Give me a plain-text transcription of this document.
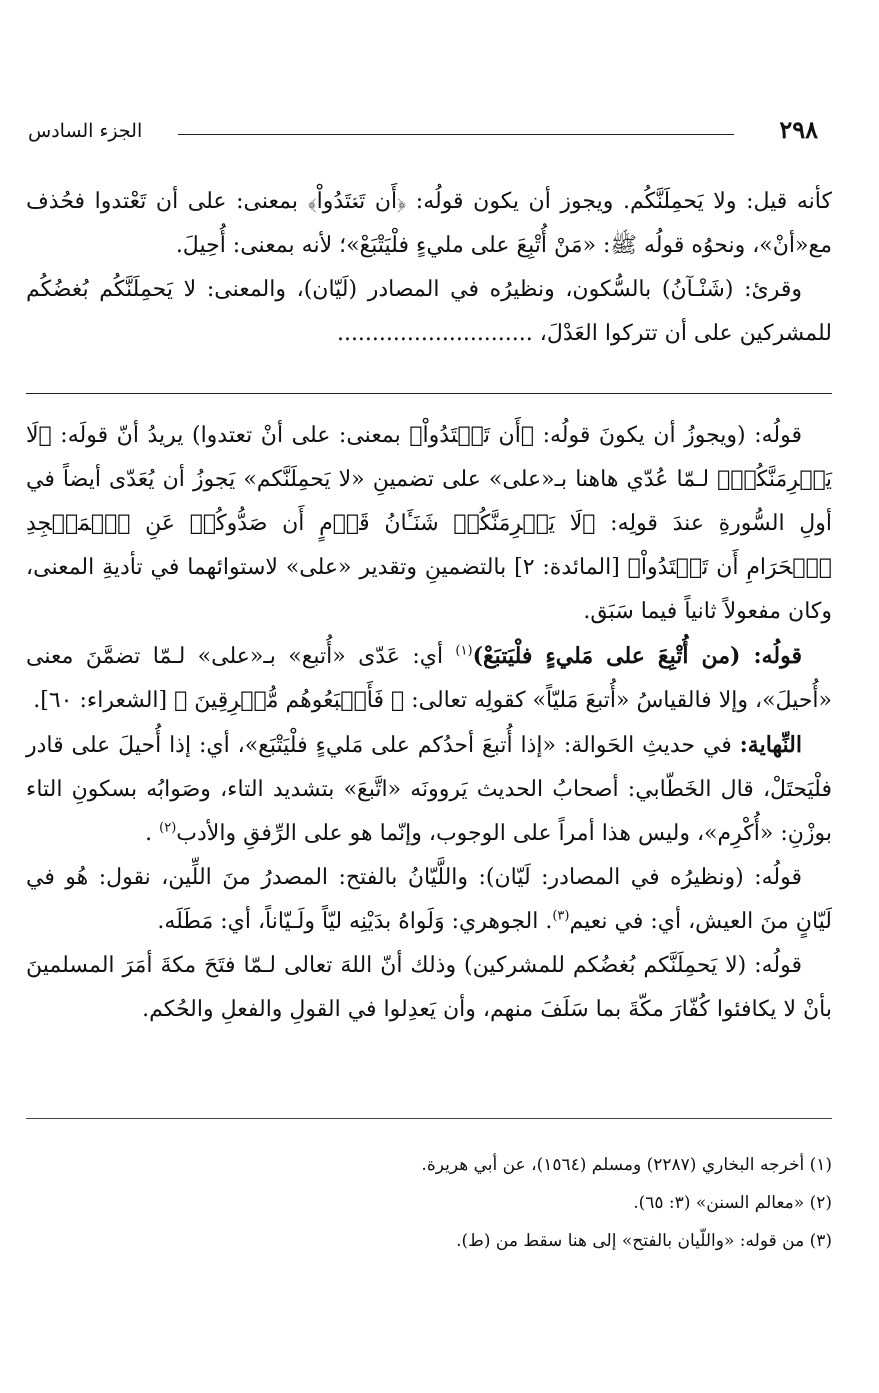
٢٩٨
الجزء السادس

كأنه قيل: ولا يَحمِلَنَّكُم. ويجوز أن يكون قولُه: ﴿أَن تَعۡتَدُواْ﴾ بمعنى: على أن تَعْتدوا فحُذف مع«أنْ»، ونحوُه قولُه ﷺ: «مَنْ أُتْبِعَ على مليءٍ فلْيَتْبَعْ»؛ لأنه بمعنى: أُحِيلَ.

وقرئ: (شَنْـآنُ) بالسُّكون، ونظيرُه في المصادر (لَيّان)، والمعنى: لا يَحمِلَنَّكُم بُغضُكُم للمشركين على أن تتركوا العَدْلَ، ............................

قولُه: (ويجوزُ أن يكونَ قولُه: ﴿أَن تَعۡتَدُواْ﴾ بمعنى: على أنْ تعتدوا) يريدُ أنّ قولَه: ﴿لَا يَجۡرِمَنَّكُمۡ﴾ لـمّا عُدّي هاهنا بـ«على» على تضمينِ «لا يَحمِلَنَّكم» يَجوزُ أن يُعَدّى أيضاً في أولِ السُّورةِ عندَ قولِه: ﴿لَا يَجۡرِمَنَّكُمۡ شَنَـَٔانُ قَوۡمٍ أَن صَدُّوكُمۡ عَنِ ٱلۡمَسۡجِدِ ٱلۡحَرَامِ أَن تَعۡتَدُواْ﴾ [المائدة: ٢] بالتضمينِ وتقدير «على» لاستوائهما في تأديةِ المعنى، وكان مفعولاً ثانياً فيما سَبَق.

قولُه: (من أُتْبِعَ على مَليءٍ فلْيَتبَعْ)$^{(١)}$ أي: عَدّى «أُتبع» بـ«على» لـمّا تضمَّنَ معنى «أُحيلَ»، وإلا فالقياسُ «أُتبعَ مَليّاً» كقولِه تعالى: ﴿ فَأَتۡبَعُوهُم مُّشۡرِقِينَ ﴾ [الشعراء: ٦٠].

النِّهاية: في حديثِ الحَوالة: «إذا أُتبعَ أحدُكم على مَليءٍ فلْيَتْبَع»، أي: إذا أُحيلَ على قادر فلْيَحتَلْ، قال الخَطّابي: أصحابُ الحديث يَروونَه «اتَّبعَ» بتشديد التاء، وصَوابُه بسكونِ التاء بوزْنِ: «أُكْرِم»، وليس هذا أمراً على الوجوب، وإنّما هو على الرِّفقِ والأدب$^{(٢)}$ .

قولُه: (ونظيرُه في المصادر: لَيّان): واللَّيّانُ بالفتح: المصدرُ منَ اللِّين، نقول: هُو في لَيّانٍ منَ العيش، أي: في نعيم$^{(٣)}$. الجوهري: وَلَواهُ بدَيْنِه ليّاً ولَـيّاناً، أي: مَطَلَه.

قولُه: (لا يَحمِلَنَّكم بُغضُكم للمشركين) وذلك أنّ اللهَ تعالى لـمّا فتَحَ مكةَ أمَرَ المسلمينَ بأنْ لا يكافئوا كُفّارَ مكّةَ بما سَلَفَ منهم، وأن يَعدِلوا في القولِ والفعلِ والحُكم.

(١) أخرجه البخاري (٢٢٨٧) ومسلم (١٥٦٤)، عن أبي هريرة.

(٢) «معالم السنن» (٣: ٦٥).

(٣) من قوله: «واللّيان بالفتح» إلى هنا سقط من (ط).
